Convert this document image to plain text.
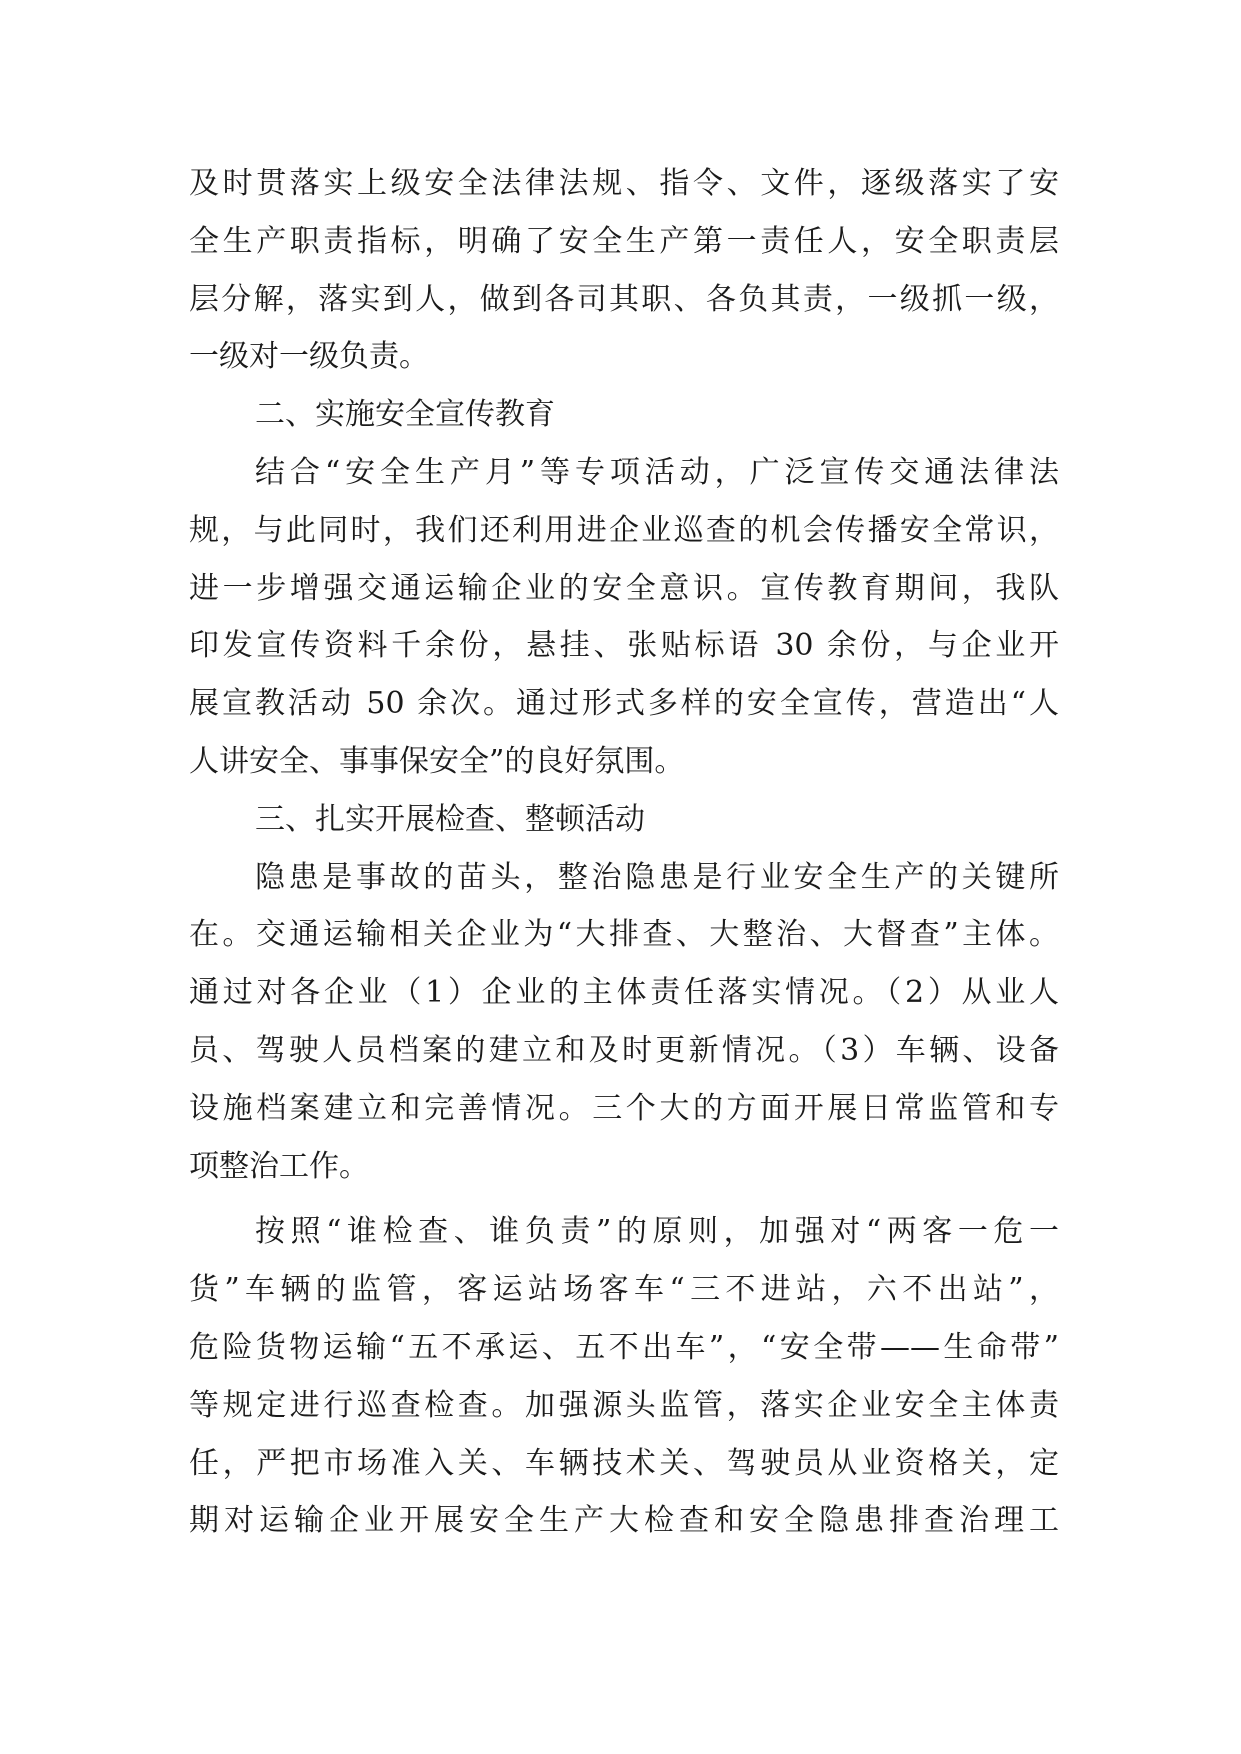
及时贯落实上级安全法律法规、指令、文件，逐级落实了安
全生产职责指标，明确了安全生产第一责任人，安全职责层
层分解，落实到人，做到各司其职、各负其责，一级抓一级，
一级对一级负责。
二、实施安全宣传教育
结合“安全生产月”等专项活动，广泛宣传交通法律法
规，与此同时，我们还利用进企业巡查的机会传播安全常识，
进一步增强交通运输企业的安全意识。宣传教育期间，我队
印发宣传资料千余份，悬挂、张贴标语 30 余份，与企业开
展宣教活动 50 余次。通过形式多样的安全宣传，营造出“人
人讲安全、事事保安全”的良好氛围。
三、扎实开展检查、整顿活动
隐患是事故的苗头，整治隐患是行业安全生产的关键所
在。交通运输相关企业为“大排查、大整治、大督查”主体。
通过对各企业（1）企业的主体责任落实情况。（2）从业人
员、驾驶人员档案的建立和及时更新情况。（3）车辆、设备
设施档案建立和完善情况。三个大的方面开展日常监管和专
项整治工作。
按照“谁检查、谁负责”的原则，加强对“两客一危一
货”车辆的监管，客运站场客车“三不进站，六不出站”，
危险货物运输“五不承运、五不出车”，“安全带——生命带”
等规定进行巡查检查。加强源头监管，落实企业安全主体责
任，严把市场准入关、车辆技术关、驾驶员从业资格关，定
期对运输企业开展安全生产大检查和安全隐患排查治理工
